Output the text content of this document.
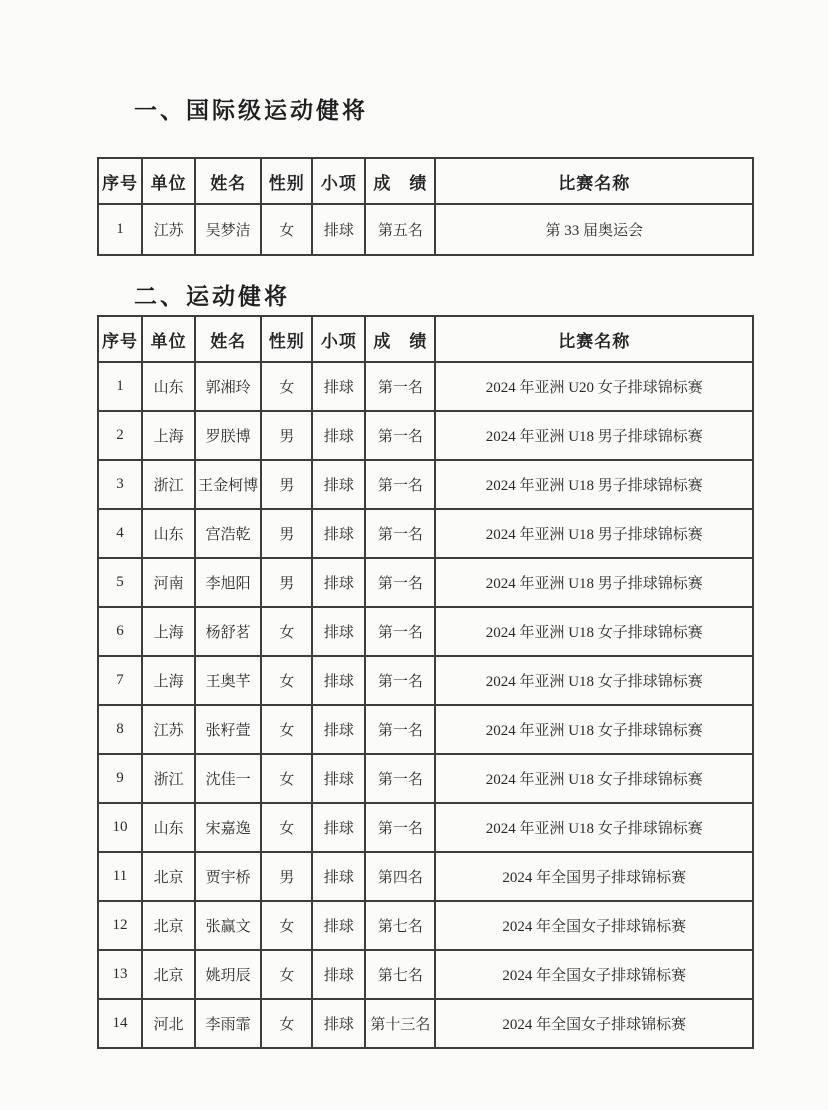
一、国际级运动健将
序号	单位	姓名	性别	小项	成　绩	比赛名称
1	江苏	吴梦洁	女	排球	第五名	第 33 届奥运会
二、运动健将
序号	单位	姓名	性别	小项	成　绩	比赛名称
1	山东	郭湘玲	女	排球	第一名	2024 年亚洲 U20 女子排球锦标赛
2	上海	罗朕博	男	排球	第一名	2024 年亚洲 U18 男子排球锦标赛
3	浙江	王金柯博	男	排球	第一名	2024 年亚洲 U18 男子排球锦标赛
4	山东	宫浩乾	男	排球	第一名	2024 年亚洲 U18 男子排球锦标赛
5	河南	李旭阳	男	排球	第一名	2024 年亚洲 U18 男子排球锦标赛
6	上海	杨舒茗	女	排球	第一名	2024 年亚洲 U18 女子排球锦标赛
7	上海	王奥芊	女	排球	第一名	2024 年亚洲 U18 女子排球锦标赛
8	江苏	张籽萱	女	排球	第一名	2024 年亚洲 U18 女子排球锦标赛
9	浙江	沈佳一	女	排球	第一名	2024 年亚洲 U18 女子排球锦标赛
10	山东	宋嘉逸	女	排球	第一名	2024 年亚洲 U18 女子排球锦标赛
11	北京	贾宇桥	男	排球	第四名	2024 年全国男子排球锦标赛
12	北京	张赢文	女	排球	第七名	2024 年全国女子排球锦标赛
13	北京	姚玥辰	女	排球	第七名	2024 年全国女子排球锦标赛
14	河北	李雨霏	女	排球	第十三名	2024 年全国女子排球锦标赛
